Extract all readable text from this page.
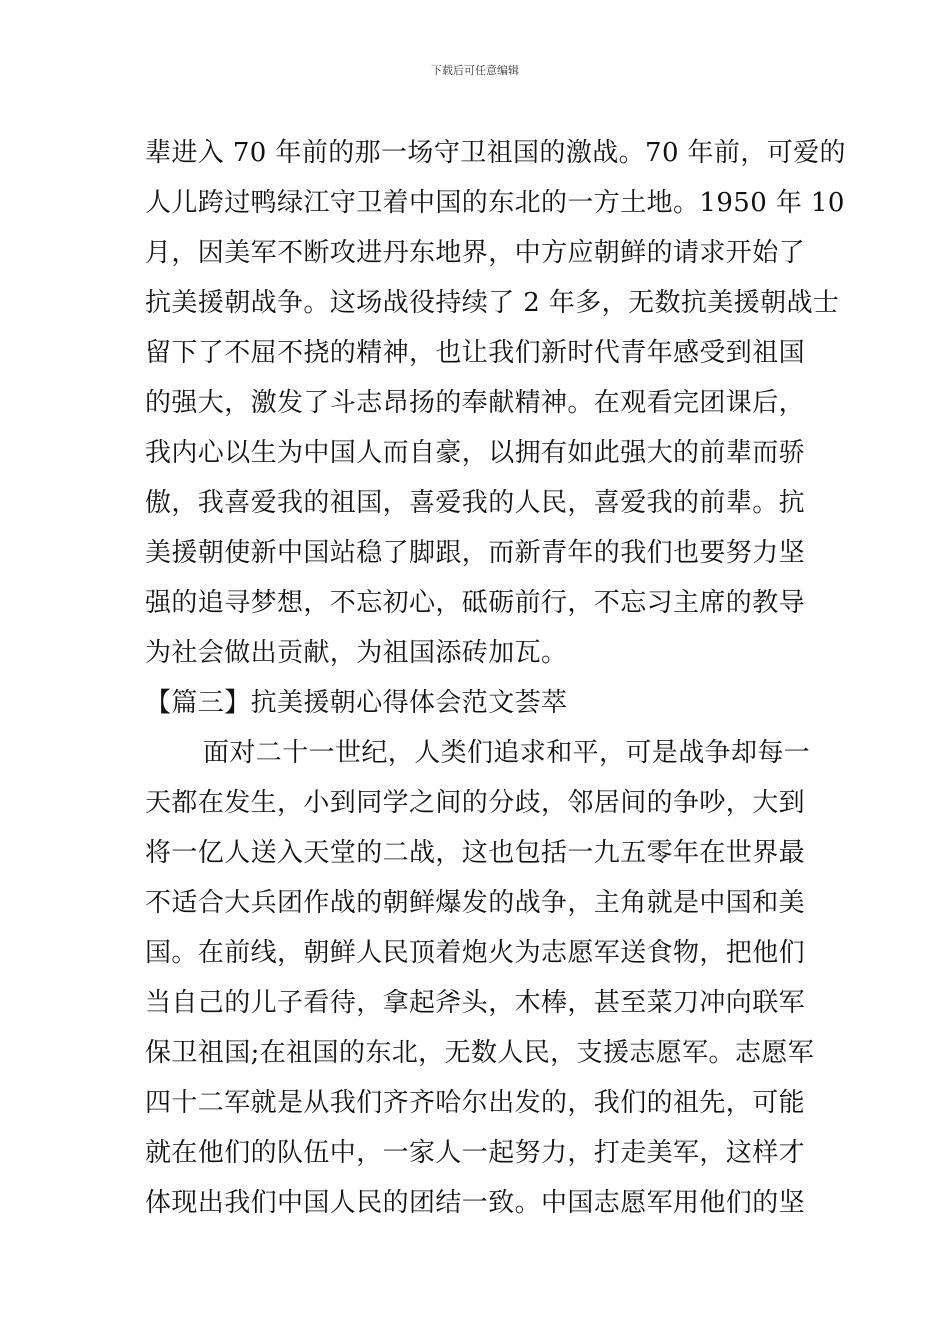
下载后可任意编辑
辈进入 70 年前的那一场守卫祖国的激战。70 年前，可爱的
人儿跨过鸭绿江守卫着中国的东北的一方土地。1950 年 10
月，因美军不断攻进丹东地界，中方应朝鲜的请求开始了
抗美援朝战争。这场战役持续了 2 年多，无数抗美援朝战士
留下了不屈不挠的精神，也让我们新时代青年感受到祖国
的强大，激发了斗志昂扬的奉献精神。在观看完团课后，
我内心以生为中国人而自豪，以拥有如此强大的前辈而骄
傲，我喜爱我的祖国，喜爱我的人民，喜爱我的前辈。抗
美援朝使新中国站稳了脚跟，而新青年的我们也要努力坚
强的追寻梦想，不忘初心，砥砺前行，不忘习主席的教导
为社会做出贡献，为祖国添砖加瓦。
【篇三】抗美援朝心得体会范文荟萃
面对二十一世纪，人类们追求和平，可是战争却每一
天都在发生，小到同学之间的分歧，邻居间的争吵，大到
将一亿人送入天堂的二战，这也包括一九五零年在世界最
不适合大兵团作战的朝鲜爆发的战争，主角就是中国和美
国。在前线，朝鲜人民顶着炮火为志愿军送食物，把他们
当自己的儿子看待，拿起斧头，木棒，甚至菜刀冲向联军
保卫祖国;在祖国的东北，无数人民，支援志愿军。志愿军
四十二军就是从我们齐齐哈尔出发的，我们的祖先，可能
就在他们的队伍中，一家人一起努力，打走美军，这样才
体现出我们中国人民的团结一致。中国志愿军用他们的坚
